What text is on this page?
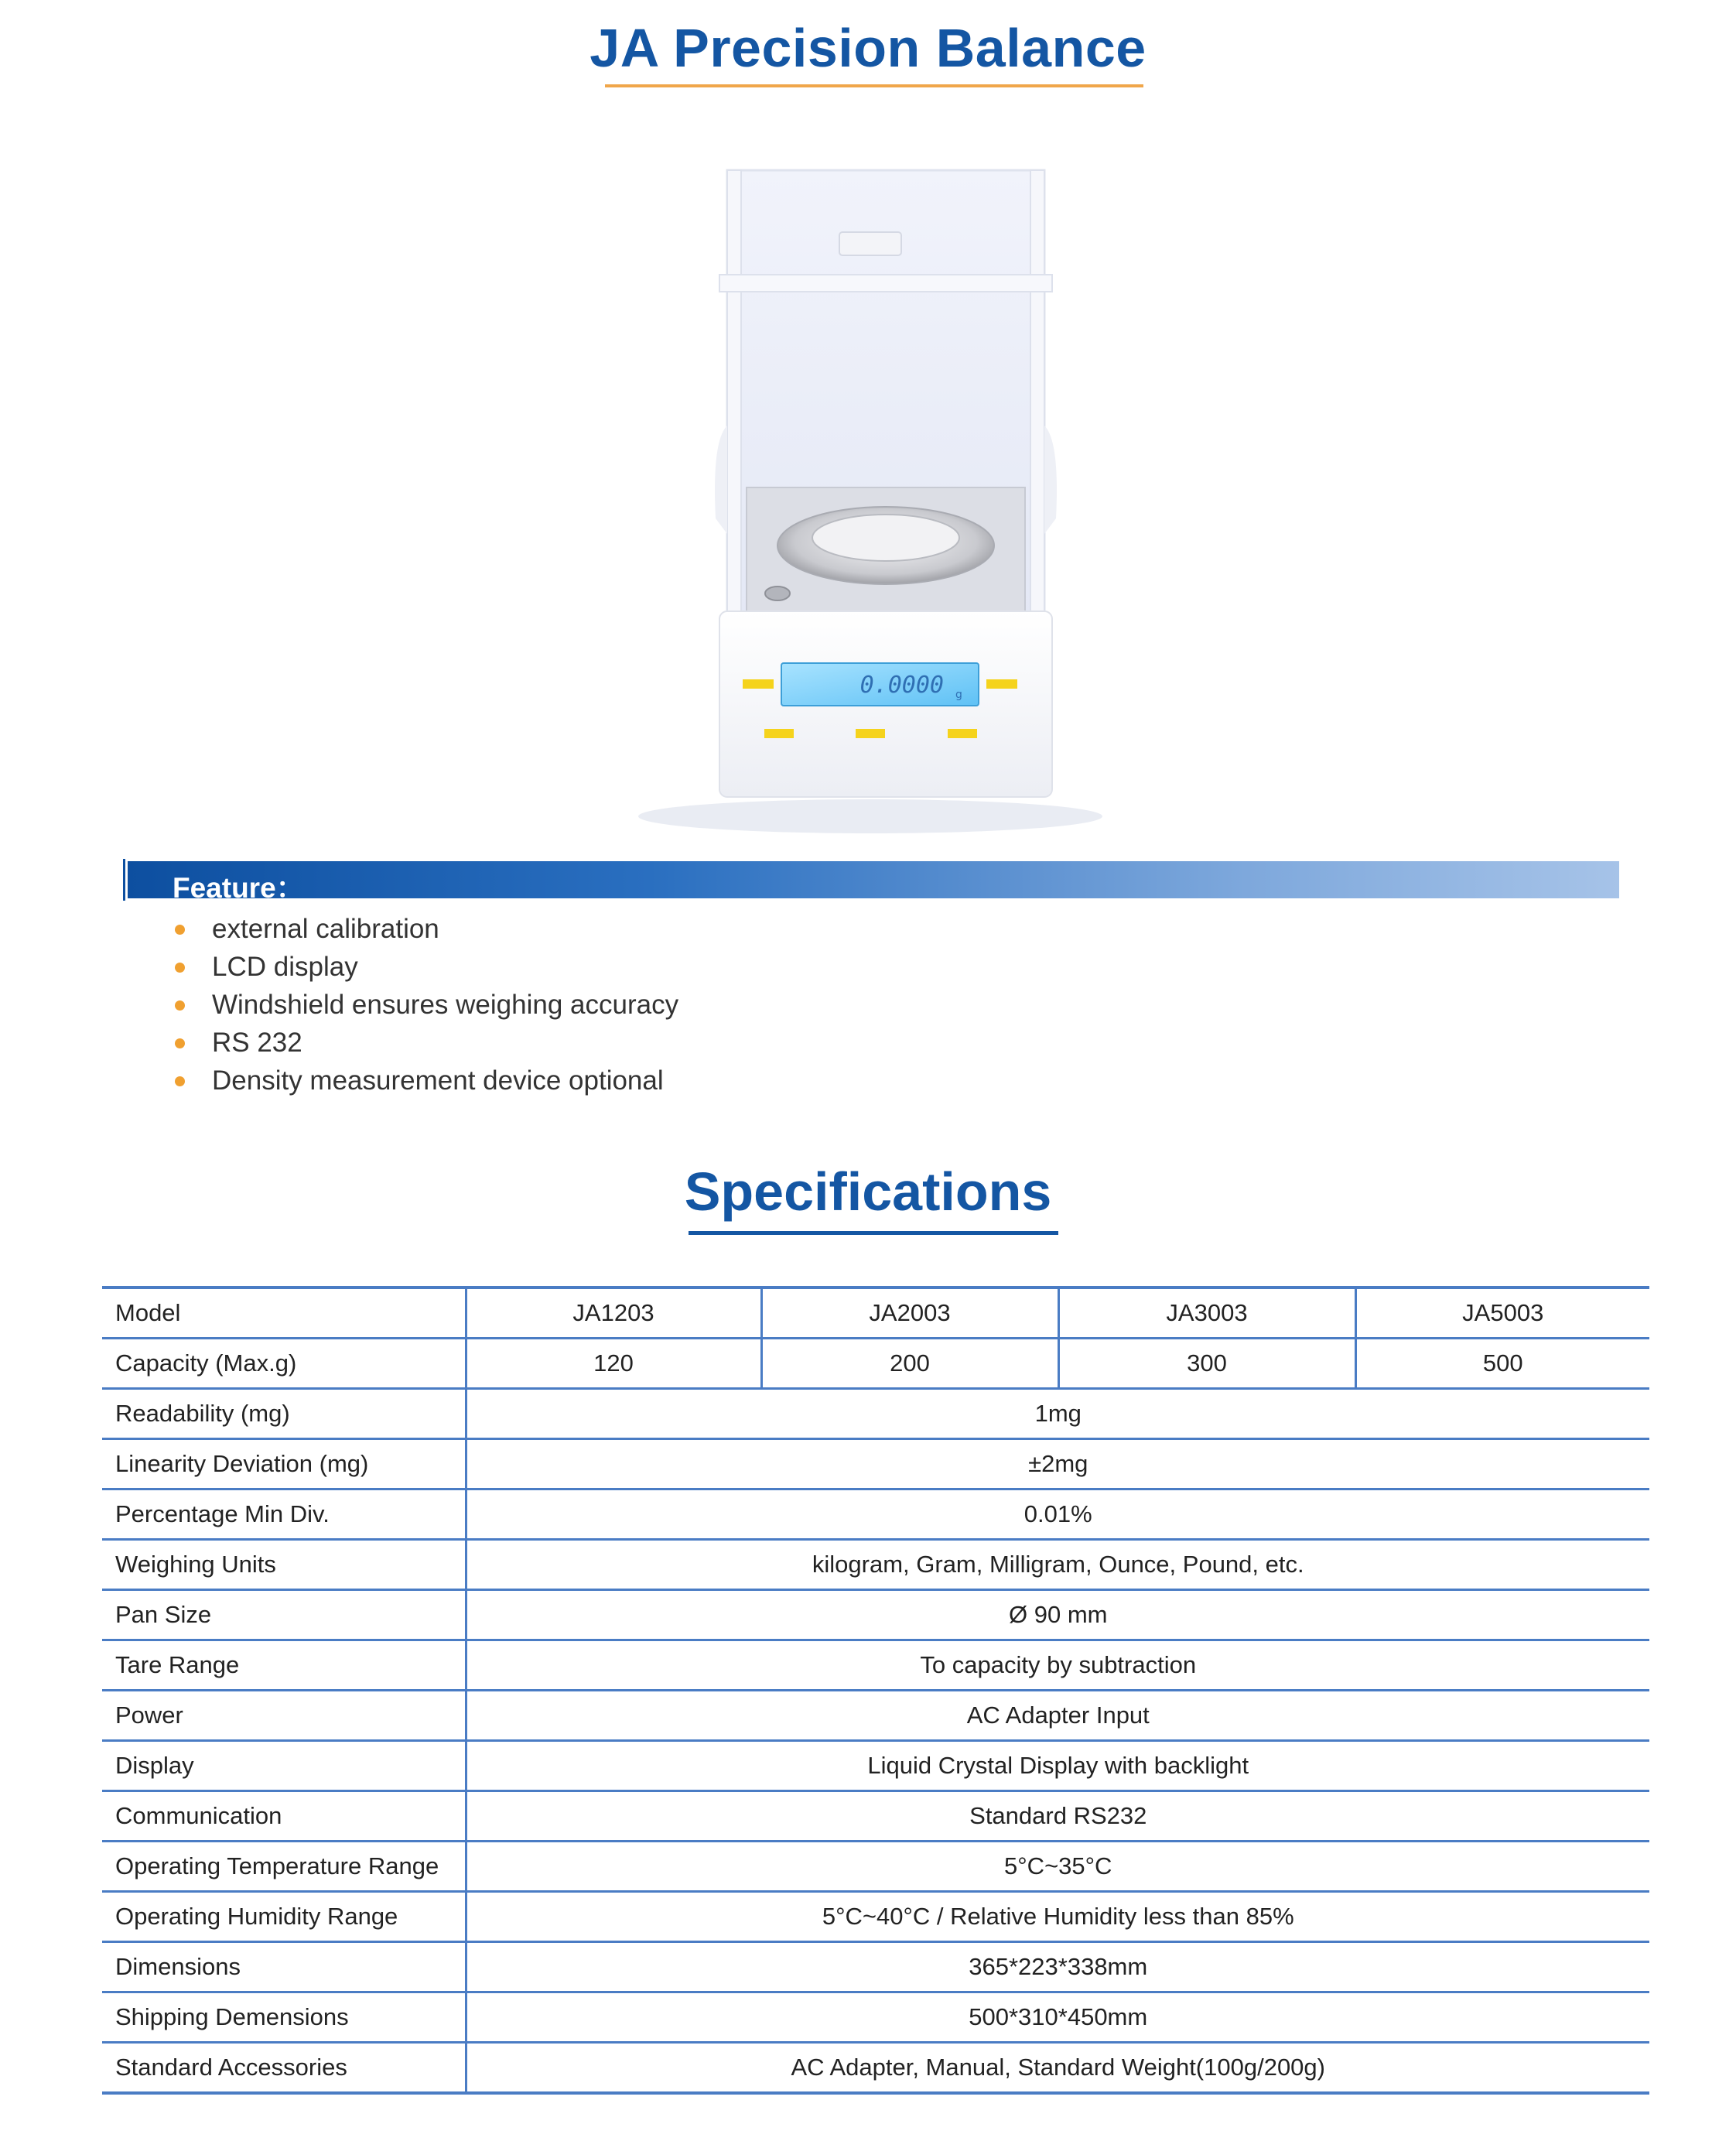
JA Precision Balance
0.0000 g
Feature：
external calibration
LCD display
Windshield ensures weighing accuracy
RS 232
Density measurement device optional
Specifications
Model	JA1203	JA2003	JA3003	JA5003
Capacity (Max.g)	120	200	300	500
Readability (mg)	1mg			
Linearity Deviation (mg)	±2mg			
Percentage Min Div.	0.01%			
Weighing Units	kilogram, Gram, Milligram, Ounce, Pound, etc.			
Pan Size	Ø 90 mm			
Tare Range	To capacity by subtraction			
Power	AC Adapter Input			
Display	Liquid Crystal Display with backlight			
Communication	Standard RS232			
Operating Temperature Range	5°C~35°C			
Operating Humidity Range	5°C~40°C / Relative Humidity less than 85%			
Dimensions	365*223*338mm			
Shipping Demensions	500*310*450mm			
Standard Accessories	AC Adapter, Manual, Standard Weight(100g/200g)			
